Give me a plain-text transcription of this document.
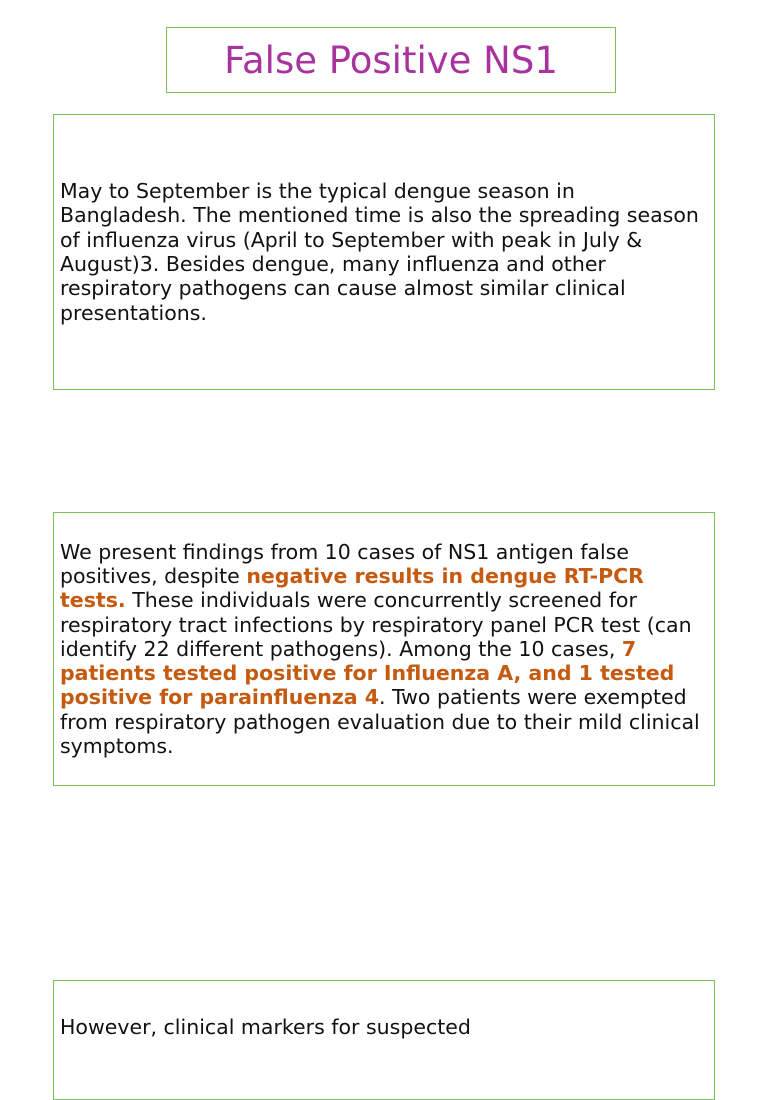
False Positive NS1

May to September is the typical dengue season in Bangladesh. The mentioned time is also the spreading season of influenza virus (April to September with peak in July & August)3. Besides dengue, many influenza and other respiratory pathogens can cause almost similar clinical presentations.

We present findings from 10 cases of NS1 antigen false positives, despite negative results in dengue RT-PCR tests. These individuals were concurrently screened for respiratory tract infections by respiratory panel PCR test (can identify 22 different pathogens). Among the 10 cases, 7 patients tested positive for Influenza A, and 1 tested positive for parainfluenza 4. Two patients were exempted from respiratory pathogen evaluation due to their mild clinical symptoms.

However, clinical markers for suspected
